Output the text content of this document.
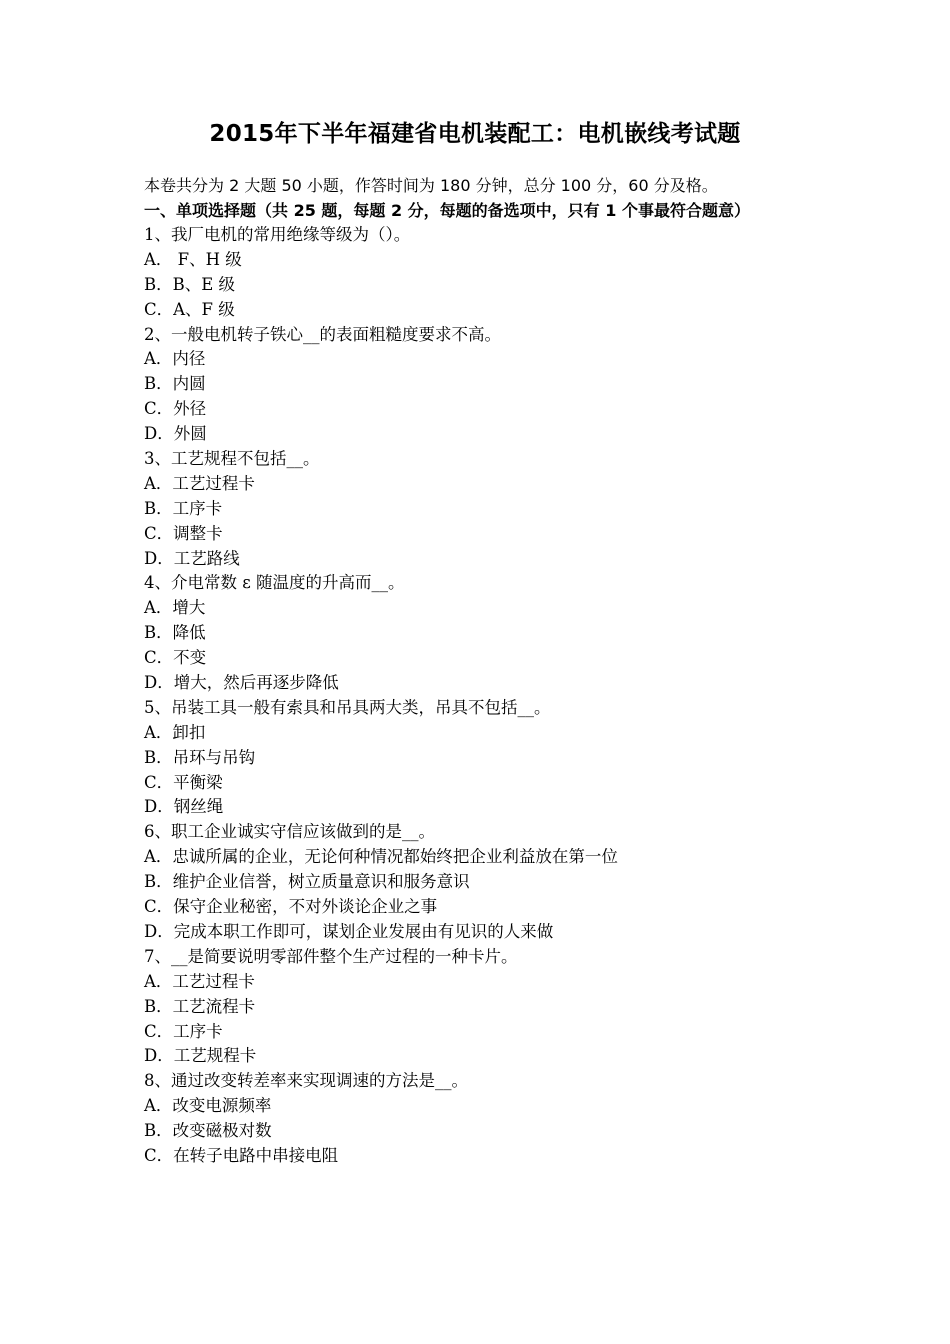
2015年下半年福建省电机装配工：电机嵌线考试题
本卷共分为 2 大题 50 小题，作答时间为 180 分钟，总分 100 分，60 分及格。
一、单项选择题（共 25 题，每题 2 分，每题的备选项中，只有 1 个事最符合题意）
1、我厂电机的常用绝缘等级为（）。
A． F、H 级
B．B、E 级
C．A、F 级
2、一般电机转子铁心__的表面粗糙度要求不高。
A．内径
B．内圆
C．外径
D．外圆
3、工艺规程不包括__。
A．工艺过程卡
B．工序卡
C．调整卡
D．工艺路线
4、介电常数 ε 随温度的升高而__。
A．增大
B．降低
C．不变
D．增大，然后再逐步降低
5、吊装工具一般有索具和吊具两大类，吊具不包括__。
A．卸扣
B．吊环与吊钩
C．平衡梁
D．钢丝绳
6、职工企业诚实守信应该做到的是__。
A．忠诚所属的企业，无论何种情况都始终把企业利益放在第一位
B．维护企业信誉，树立质量意识和服务意识
C．保守企业秘密，不对外谈论企业之事
D．完成本职工作即可，谋划企业发展由有见识的人来做
7、__是简要说明零部件整个生产过程的一种卡片。
A．工艺过程卡
B．工艺流程卡
C．工序卡
D．工艺规程卡
8、通过改变转差率来实现调速的方法是__。
A．改变电源频率
B．改变磁极对数
C．在转子电路中串接电阻
